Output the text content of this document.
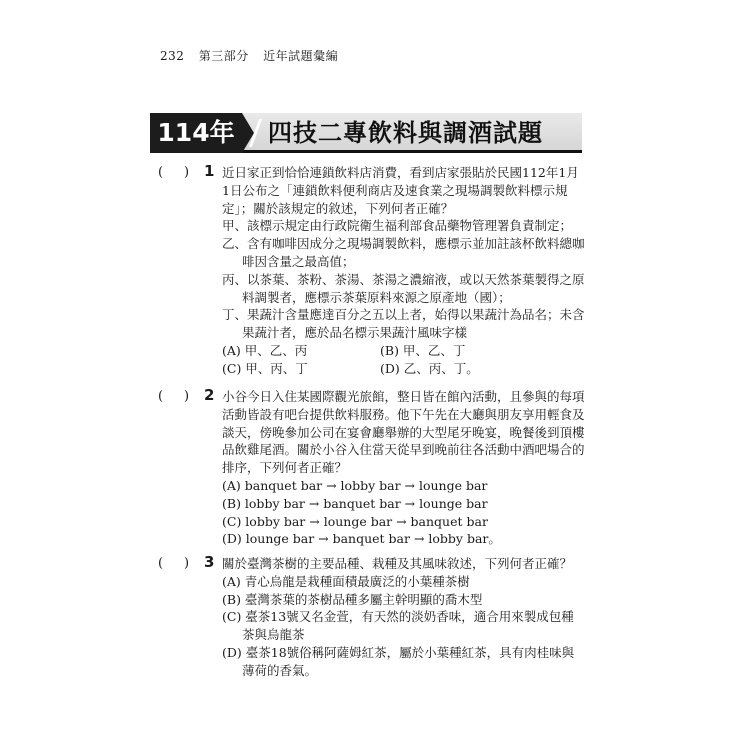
232 第三部分 近年試題彙編
114年	四技二專飲料與調酒試題
( ) 1 近日家正到恰恰連鎖飲料店消費，看到店家張貼於民國112年1月1日公布之「連鎖飲料便利商店及速食業之現場調製飲料標示規定」；關於該規定的敘述，下列何者正確？

甲、該標示規定由行政院衛生福利部食品藥物管理署負責制定；

乙、含有咖啡因成分之現場調製飲料，應標示並加註該杯飲料總咖啡因含量之最高值；

丙、以茶葉、茶粉、茶湯、茶湯之濃縮液，或以天然茶葉製得之原料調製者，應標示茶葉原料來源之原產地（國）；

丁、果蔬汁含量應達百分之五以上者，始得以果蔬汁為品名；未含果蔬汁者，應於品名標示果蔬汁風味字樣

(A) 甲、乙、丙	(B) 甲、乙、丁

(C) 甲、丙、丁	(D) 乙、丙、丁。

( ) 2 小谷今日入住某國際觀光旅館，整日皆在館內活動，且參與的每項活動皆設有吧台提供飲料服務。他下午先在大廳與朋友享用輕食及談天，傍晚參加公司在宴會廳舉辦的大型尾牙晚宴，晚餐後到頂樓品飲雞尾酒。關於小谷入住當天從早到晚前往各活動中酒吧場合的排序，下列何者正確？

(A) banquet bar → lobby bar → lounge bar

(B) lobby bar → banquet bar → lounge bar

(C) lobby bar → lounge bar → banquet bar

(D) lounge bar → banquet bar → lobby bar。

( ) 3 關於臺灣茶樹的主要品種、栽種及其風味敘述，下列何者正確？

(A) 青心烏龍是栽種面積最廣泛的小葉種茶樹

(B) 臺灣茶葉的茶樹品種多屬主幹明顯的喬木型

(C) 臺茶13號又名金萱，有天然的淡奶香味，適合用來製成包種茶與烏龍茶

(D) 臺茶18號俗稱阿薩姆紅茶，屬於小葉種紅茶，具有肉桂味與薄荷的香氣。
